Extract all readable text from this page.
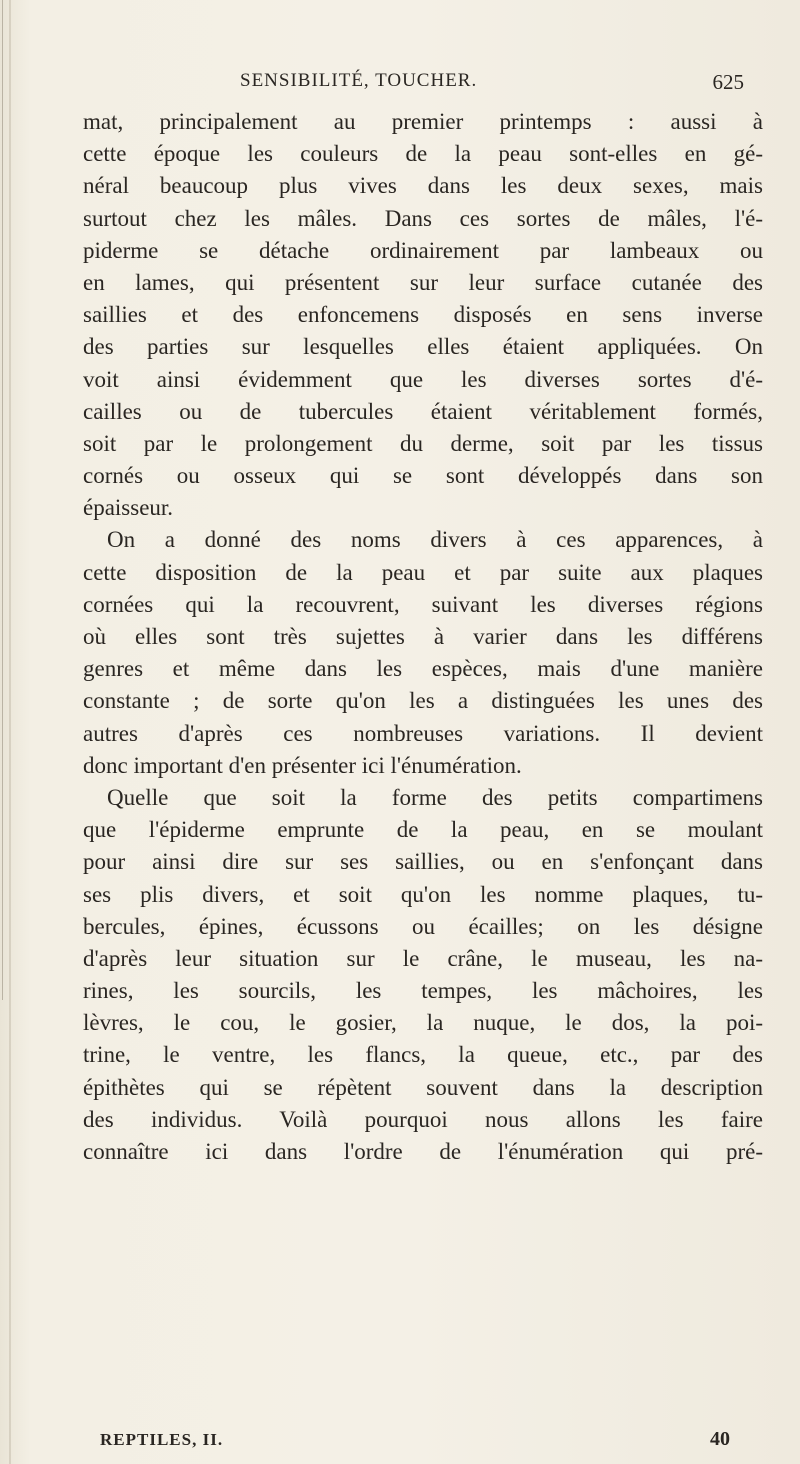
SENSIBILITÉ, TOUCHER.	625
mat, principalement au premier printemps : aussi à
cette époque les couleurs de la peau sont-elles en gé-
néral beaucoup plus vives dans les deux sexes, mais
surtout chez les mâles. Dans ces sortes de mâles, l'é-
piderme se détache ordinairement par lambeaux ou
en lames, qui présentent sur leur surface cutanée des
saillies et des enfoncemens disposés en sens inverse
des parties sur lesquelles elles étaient appliquées. On
voit ainsi évidemment que les diverses sortes d'é-
cailles ou de tubercules étaient véritablement formés,
soit par le prolongement du derme, soit par les tissus
cornés ou osseux qui se sont développés dans son
épaisseur.
On a donné des noms divers à ces apparences, à
cette disposition de la peau et par suite aux plaques
cornées qui la recouvrent, suivant les diverses régions
où elles sont très sujettes à varier dans les différens
genres et même dans les espèces, mais d'une manière
constante ; de sorte qu'on les a distinguées les unes des
autres d'après ces nombreuses variations. Il devient
donc important d'en présenter ici l'énumération.
Quelle que soit la forme des petits compartimens
que l'épiderme emprunte de la peau, en se moulant
pour ainsi dire sur ses saillies, ou en s'enfonçant dans
ses plis divers, et soit qu'on les nomme plaques, tu-
bercules, épines, écussons ou écailles; on les désigne
d'après leur situation sur le crâne, le museau, les na-
rines, les sourcils, les tempes, les mâchoires, les
lèvres, le cou, le gosier, la nuque, le dos, la poi-
trine, le ventre, les flancs, la queue, etc., par des
épithètes qui se répètent souvent dans la description
des individus. Voilà pourquoi nous allons les faire
connaître ici dans l'ordre de l'énumération qui pré-
REPTILES, II.	40
